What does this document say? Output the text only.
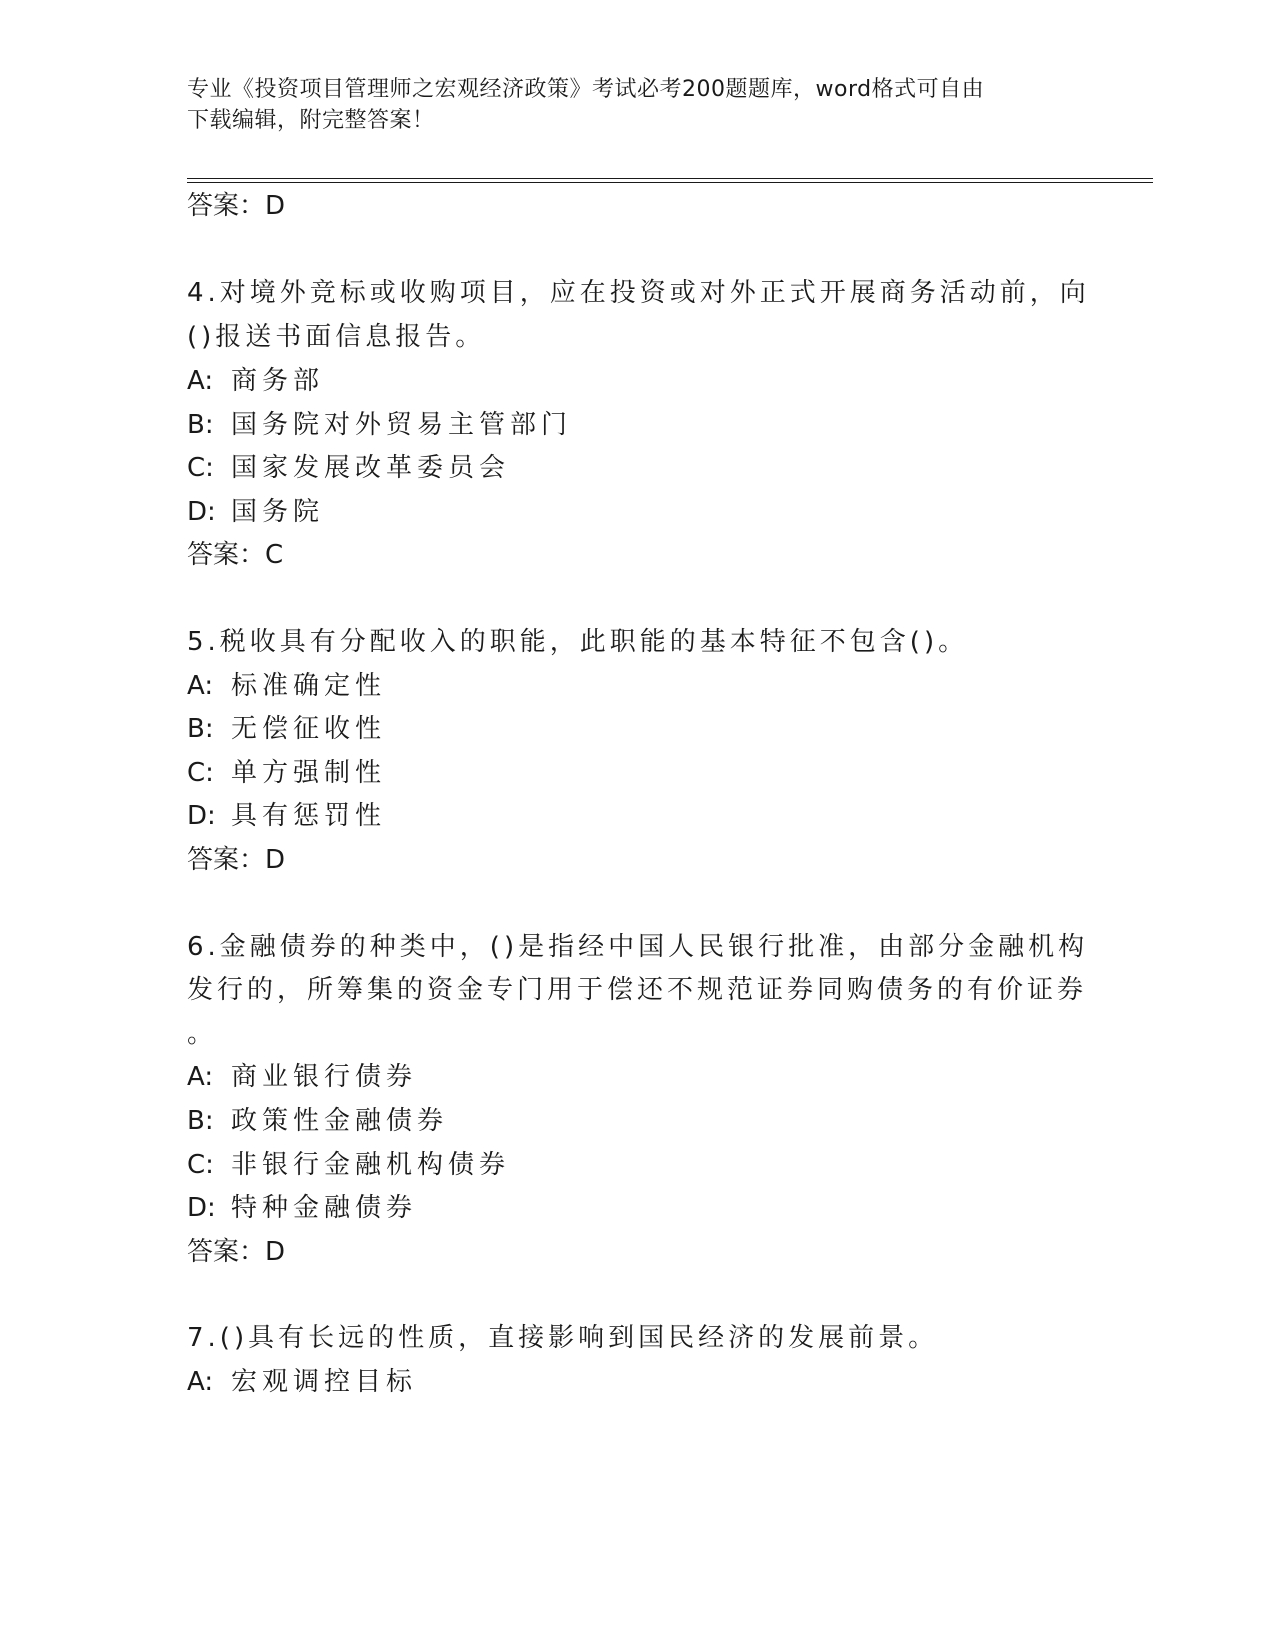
专业《投资项目管理师之宏观经济政策》考试必考200题题库，word格式可自由
下载编辑，附完整答案！
答案：D
4.对境外竞标或收购项目，应在投资或对外正式开展商务活动前，向
()报送书面信息报告。
A: 商务部
B: 国务院对外贸易主管部门
C: 国家发展改革委员会
D: 国务院
答案：C
5.税收具有分配收入的职能，此职能的基本特征不包含()。
A: 标准确定性
B: 无偿征收性
C: 单方强制性
D: 具有惩罚性
答案：D
6.金融债券的种类中，()是指经中国人民银行批准，由部分金融机构
发行的，所筹集的资金专门用于偿还不规范证券同购债务的有价证券
。
A: 商业银行债券
B: 政策性金融债券
C: 非银行金融机构债券
D: 特种金融债券
答案：D
7.()具有长远的性质，直接影响到国民经济的发展前景。
A: 宏观调控目标
